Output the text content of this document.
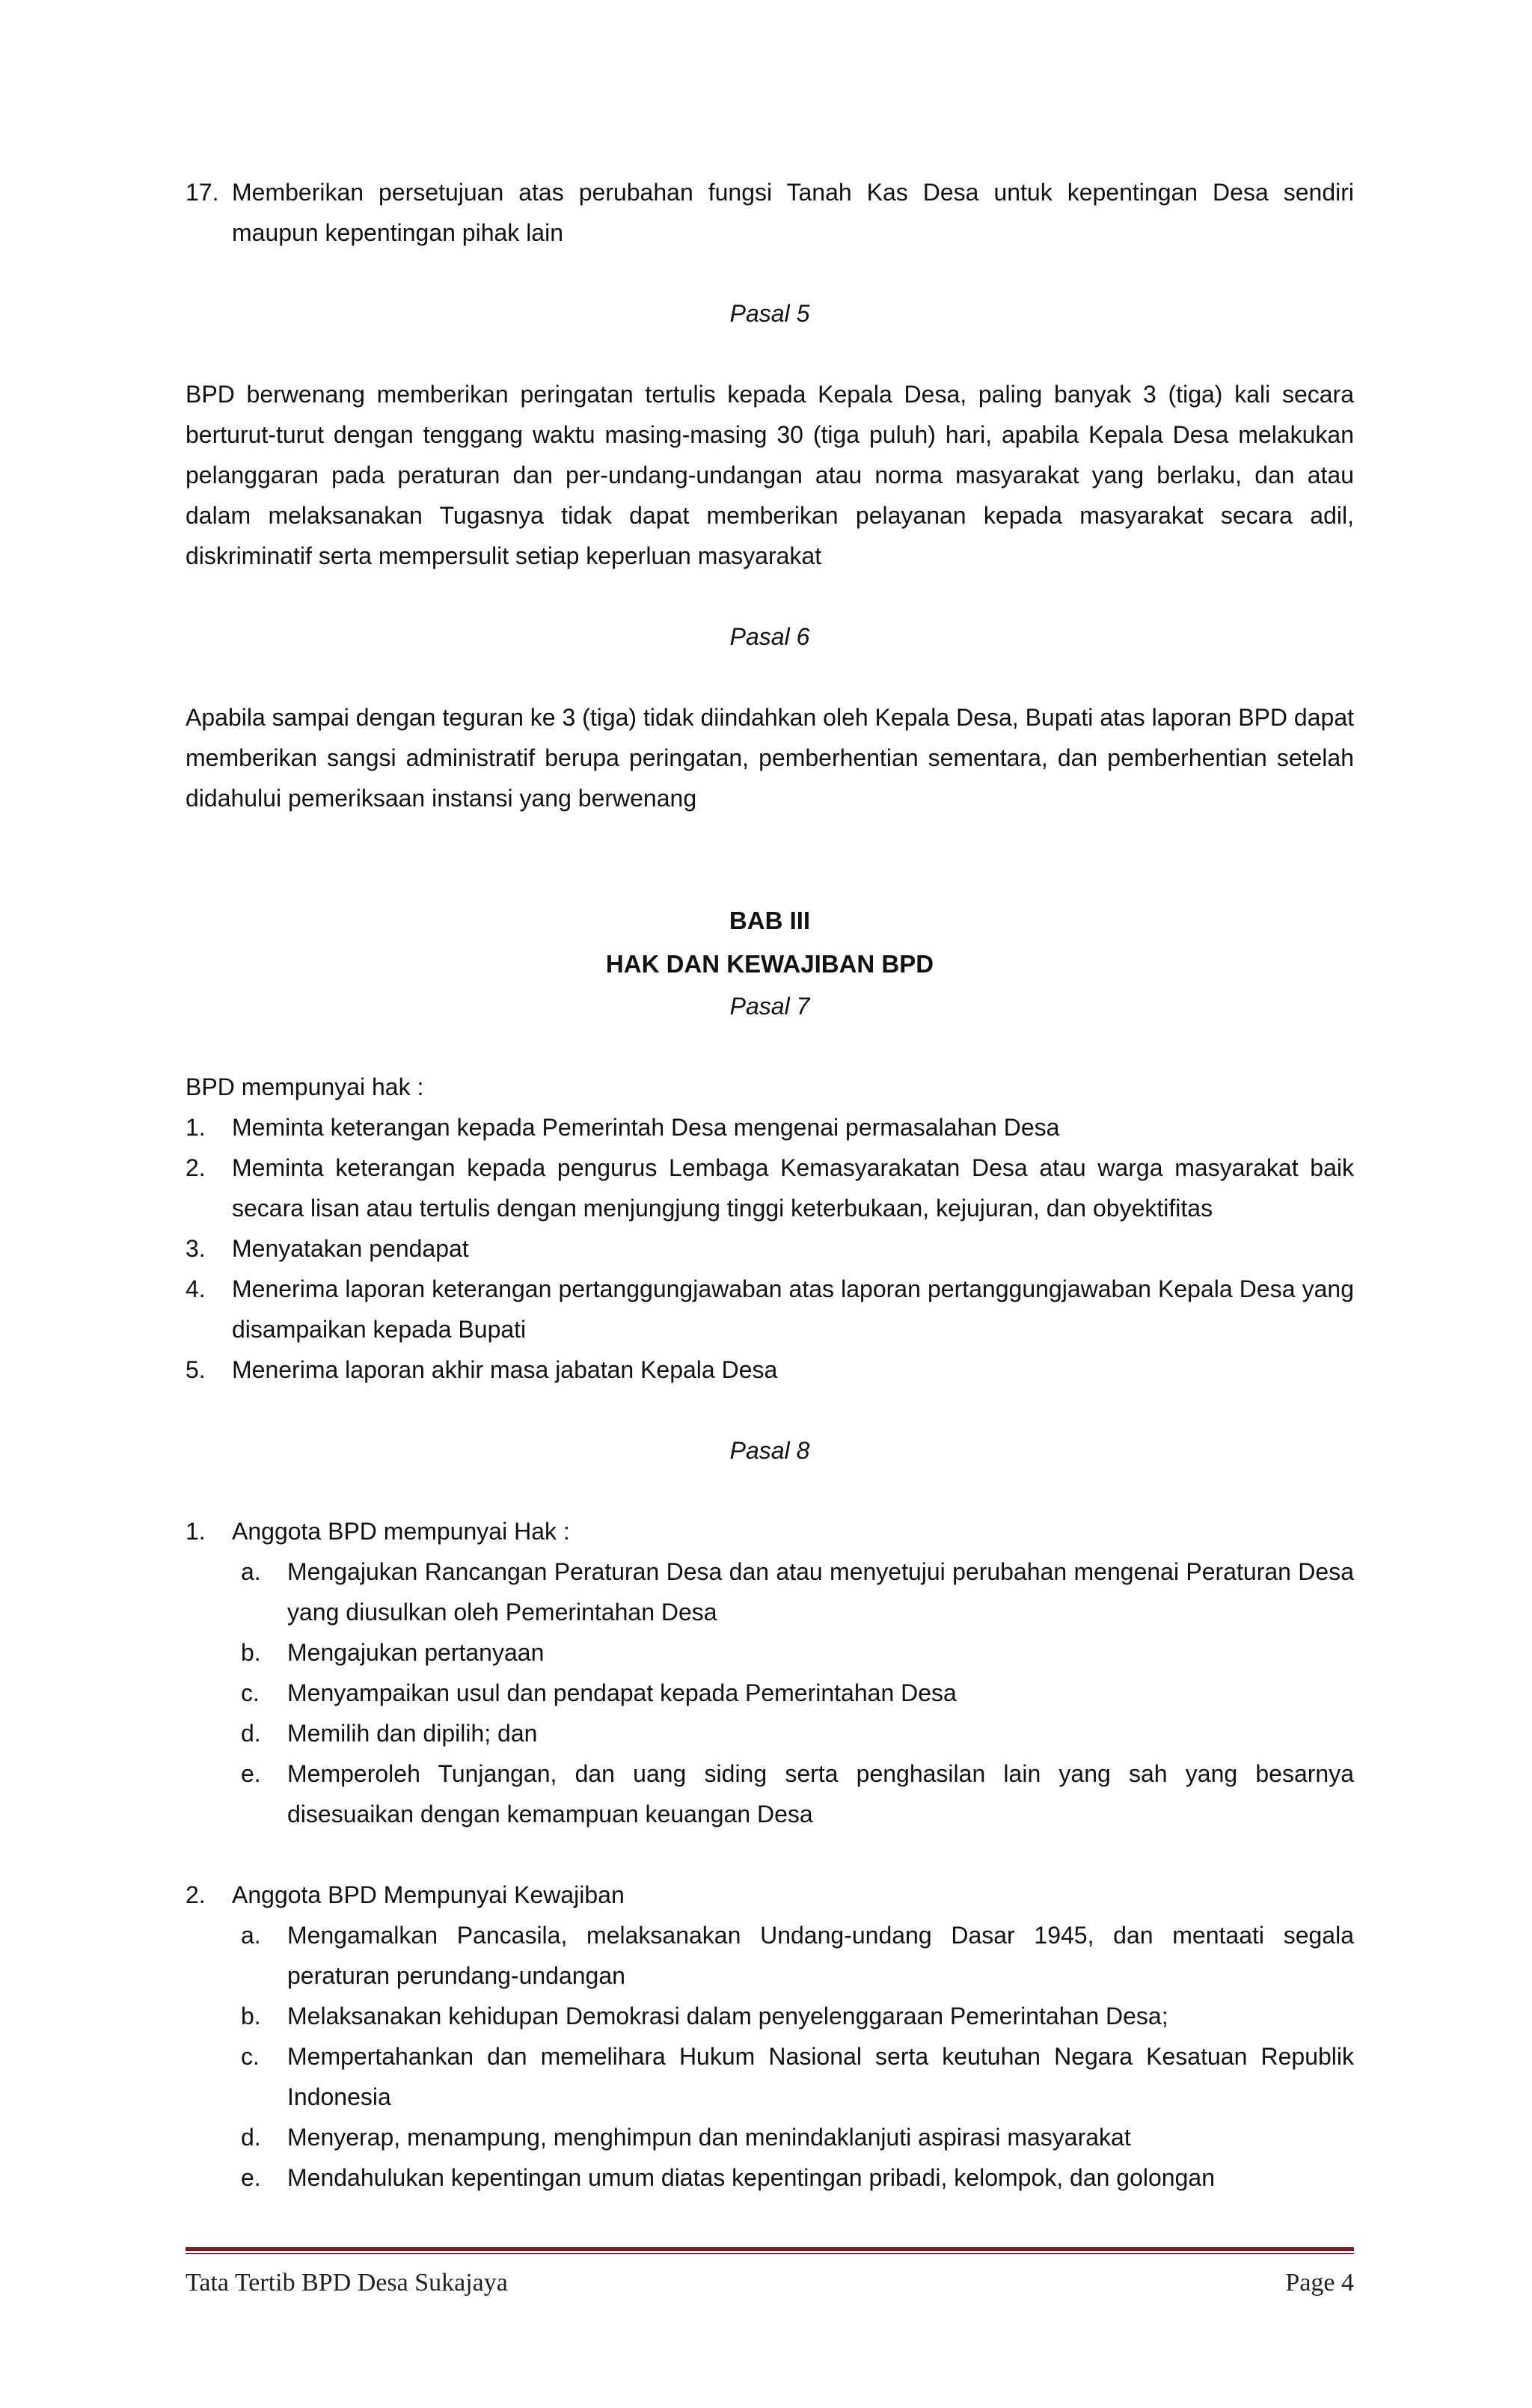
17. Memberikan persetujuan atas perubahan fungsi Tanah Kas Desa untuk kepentingan Desa sendiri maupun kepentingan pihak lain

Pasal 5

BPD berwenang memberikan peringatan tertulis kepada Kepala Desa, paling banyak 3 (tiga) kali secara berturut-turut dengan tenggang waktu masing-masing 30 (tiga puluh) hari, apabila Kepala Desa melakukan pelanggaran pada peraturan dan per-undang-undangan atau norma masyarakat yang berlaku, dan atau dalam melaksanakan Tugasnya tidak dapat memberikan pelayanan kepada masyarakat secara adil, diskriminatif serta mempersulit setiap keperluan masyarakat

Pasal 6

Apabila sampai dengan teguran ke 3 (tiga) tidak diindahkan oleh Kepala Desa, Bupati atas laporan BPD dapat memberikan sangsi administratif berupa peringatan, pemberhentian sementara, dan pemberhentian setelah didahului pemeriksaan instansi yang berwenang

BAB III

HAK DAN KEWAJIBAN BPD

Pasal 7

BPD mempunyai hak :

1. Meminta keterangan kepada Pemerintah Desa mengenai permasalahan Desa
2. Meminta keterangan kepada pengurus Lembaga Kemasyarakatan Desa atau warga masyarakat baik secara lisan atau tertulis dengan menjungjung tinggi keterbukaan, kejujuran, dan obyektifitas
3. Menyatakan pendapat
4. Menerima laporan keterangan pertanggungjawaban atas laporan pertanggungjawaban Kepala Desa yang disampaikan kepada Bupati
5. Menerima laporan akhir masa jabatan Kepala Desa

Pasal 8

1. Anggota BPD mempunyai Hak :
a. Mengajukan Rancangan Peraturan Desa dan atau menyetujui perubahan mengenai Peraturan Desa yang diusulkan oleh Pemerintahan Desa
b. Mengajukan pertanyaan
c. Menyampaikan usul dan pendapat kepada Pemerintahan Desa
d. Memilih dan dipilih; dan
e. Memperoleh Tunjangan, dan uang siding serta penghasilan lain yang sah yang besarnya disesuaikan dengan kemampuan keuangan Desa
2. Anggota BPD Mempunyai Kewajiban
a. Mengamalkan Pancasila, melaksanakan Undang-undang Dasar 1945, dan mentaati segala peraturan perundang-undangan
b. Melaksanakan kehidupan Demokrasi dalam penyelenggaraan Pemerintahan Desa;
c. Mempertahankan dan memelihara Hukum Nasional serta keutuhan Negara Kesatuan Republik Indonesia
d. Menyerap, menampung, menghimpun dan menindaklanjuti aspirasi masyarakat
e. Mendahulukan kepentingan umum diatas kepentingan pribadi, kelompok, dan golongan
Tata Tertib BPD Desa Sukajaya	Page 4
